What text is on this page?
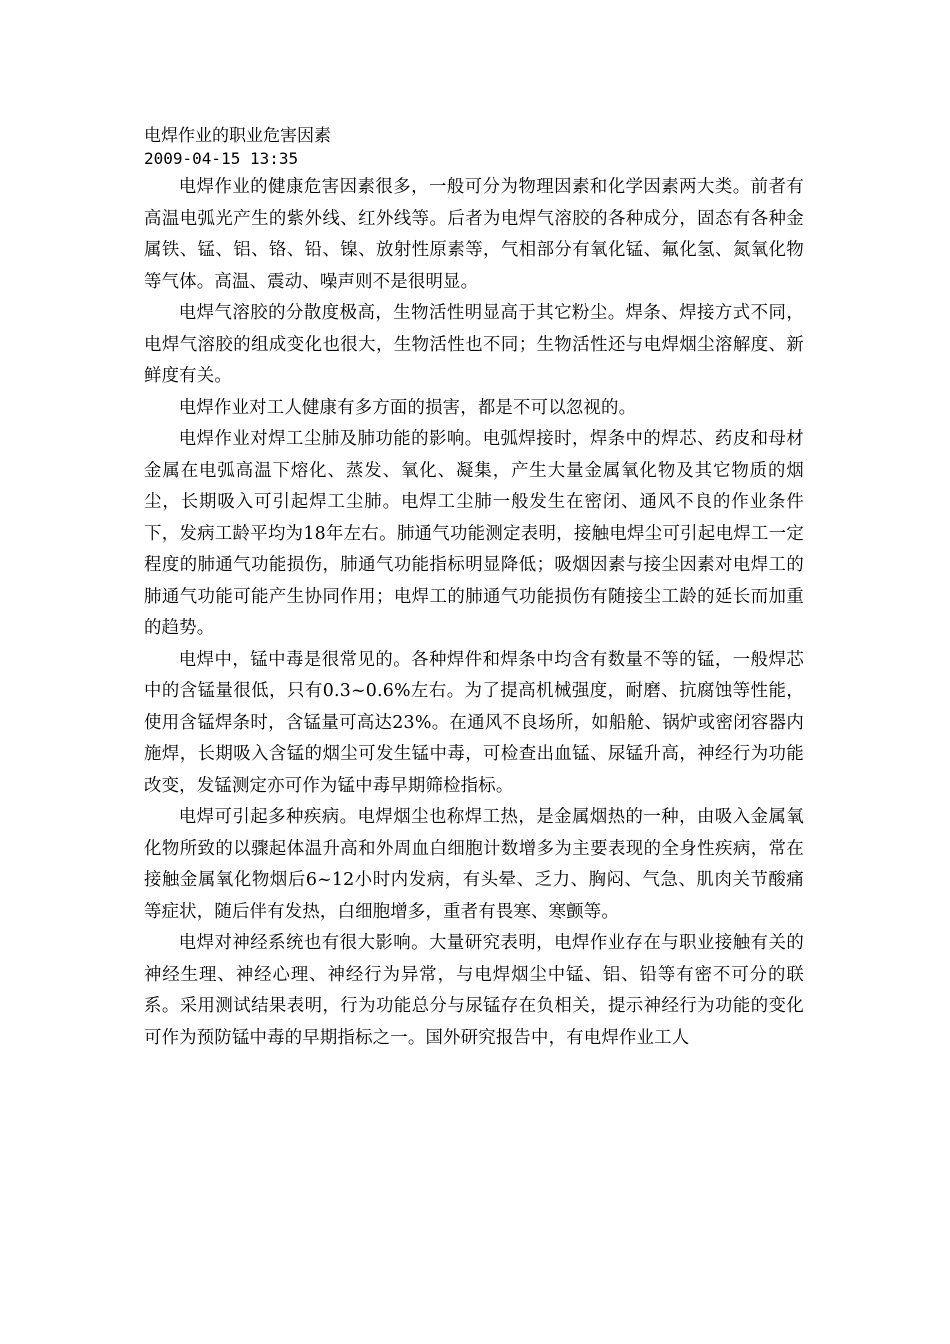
电焊作业的职业危害因素

2009-04-15 13:35

电焊作业的健康危害因素很多，一般可分为物理因素和化学因素两大类。前者有高温电弧光产生的紫外线、红外线等。后者为电焊气溶胶的各种成分，固态有各种金属铁、锰、铝、铬、铅、镍、放射性原素等，气相部分有氧化锰、氟化氢、氮氧化物等气体。高温、震动、噪声则不是很明显。

电焊气溶胶的分散度极高，生物活性明显高于其它粉尘。焊条、焊接方式不同，电焊气溶胶的组成变化也很大，生物活性也不同；生物活性还与电焊烟尘溶解度、新鲜度有关。

电焊作业对工人健康有多方面的损害，都是不可以忽视的。

电焊作业对焊工尘肺及肺功能的影响。电弧焊接时，焊条中的焊芯、药皮和母材金属在电弧高温下熔化、蒸发、氧化、凝集，产生大量金属氧化物及其它物质的烟尘，长期吸入可引起焊工尘肺。电焊工尘肺一般发生在密闭、通风不良的作业条件下，发病工龄平均为18年左右。肺通气功能测定表明，接触电焊尘可引起电焊工一定程度的肺通气功能损伤，肺通气功能指标明显降低；吸烟因素与接尘因素对电焊工的肺通气功能可能产生协同作用；电焊工的肺通气功能损伤有随接尘工龄的延长而加重的趋势。

电焊中，锰中毒是很常见的。各种焊件和焊条中均含有数量不等的锰，一般焊芯中的含锰量很低，只有0.3~0.6%左右。为了提高机械强度，耐磨、抗腐蚀等性能，使用含锰焊条时，含锰量可高达23%。在通风不良场所，如船舱、锅炉或密闭容器内施焊，长期吸入含锰的烟尘可发生锰中毒，可检查出血锰、尿锰升高，神经行为功能改变，发锰测定亦可作为锰中毒早期筛检指标。

电焊可引起多种疾病。电焊烟尘也称焊工热，是金属烟热的一种，由吸入金属氧化物所致的以骤起体温升高和外周血白细胞计数增多为主要表现的全身性疾病，常在接触金属氧化物烟后6~12小时内发病，有头晕、乏力、胸闷、气急、肌肉关节酸痛等症状，随后伴有发热，白细胞增多，重者有畏寒、寒颤等。

电焊对神经系统也有很大影响。大量研究表明，电焊作业存在与职业接触有关的神经生理、神经心理、神经行为异常，与电焊烟尘中锰、铝、铅等有密不可分的联系。采用测试结果表明，行为功能总分与尿锰存在负相关，提示神经行为功能的变化可作为预防锰中毒的早期指标之一。国外研究报告中，有电焊作业工人
